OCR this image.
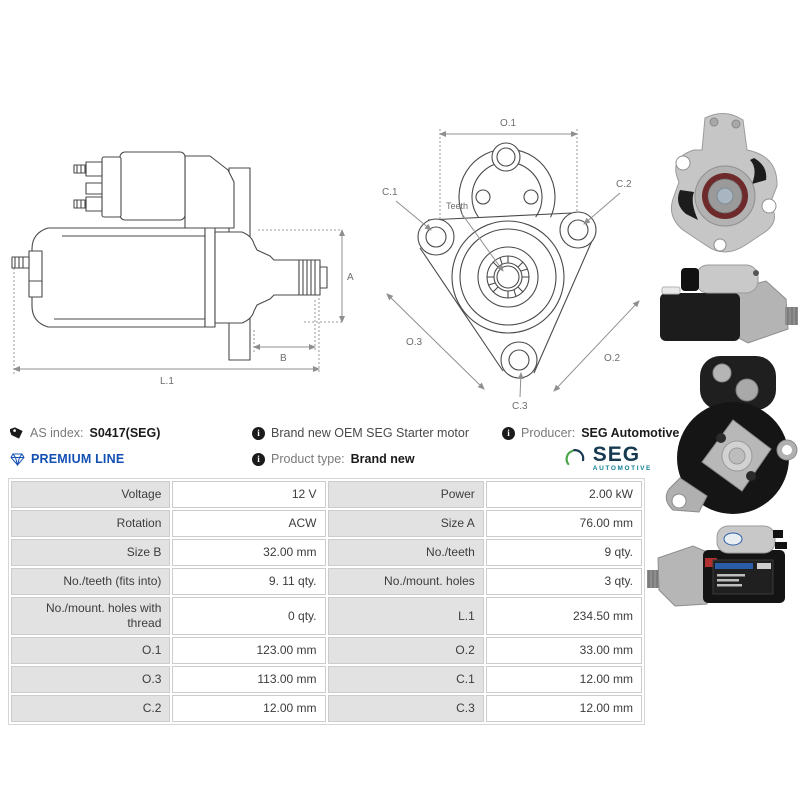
L.1
B
A
O.1
C.1
C.2
Teeth
O.3
O.2
C.3
AS index: S0417(SEG)	i Brand new OEM SEG Starter motor	i Producer: SEG Automotive
PREMIUM LINE	i Product type: Brand new	SEG
AUTOMOTIVE
Voltage	12 V	Power	2.00 kW
Rotation	ACW	Size A	76.00 mm
Size B	32.00 mm	No./teeth	9 qty.
No./teeth (fits into)	9. 11 qty.	No./mount. holes	3 qty.
No./mount. holes with thread	0 qty.	L.1	234.50 mm
O.1	123.00 mm	O.2	33.00 mm
O.3	113.00 mm	C.1	12.00 mm
C.2	12.00 mm	C.3	12.00 mm
